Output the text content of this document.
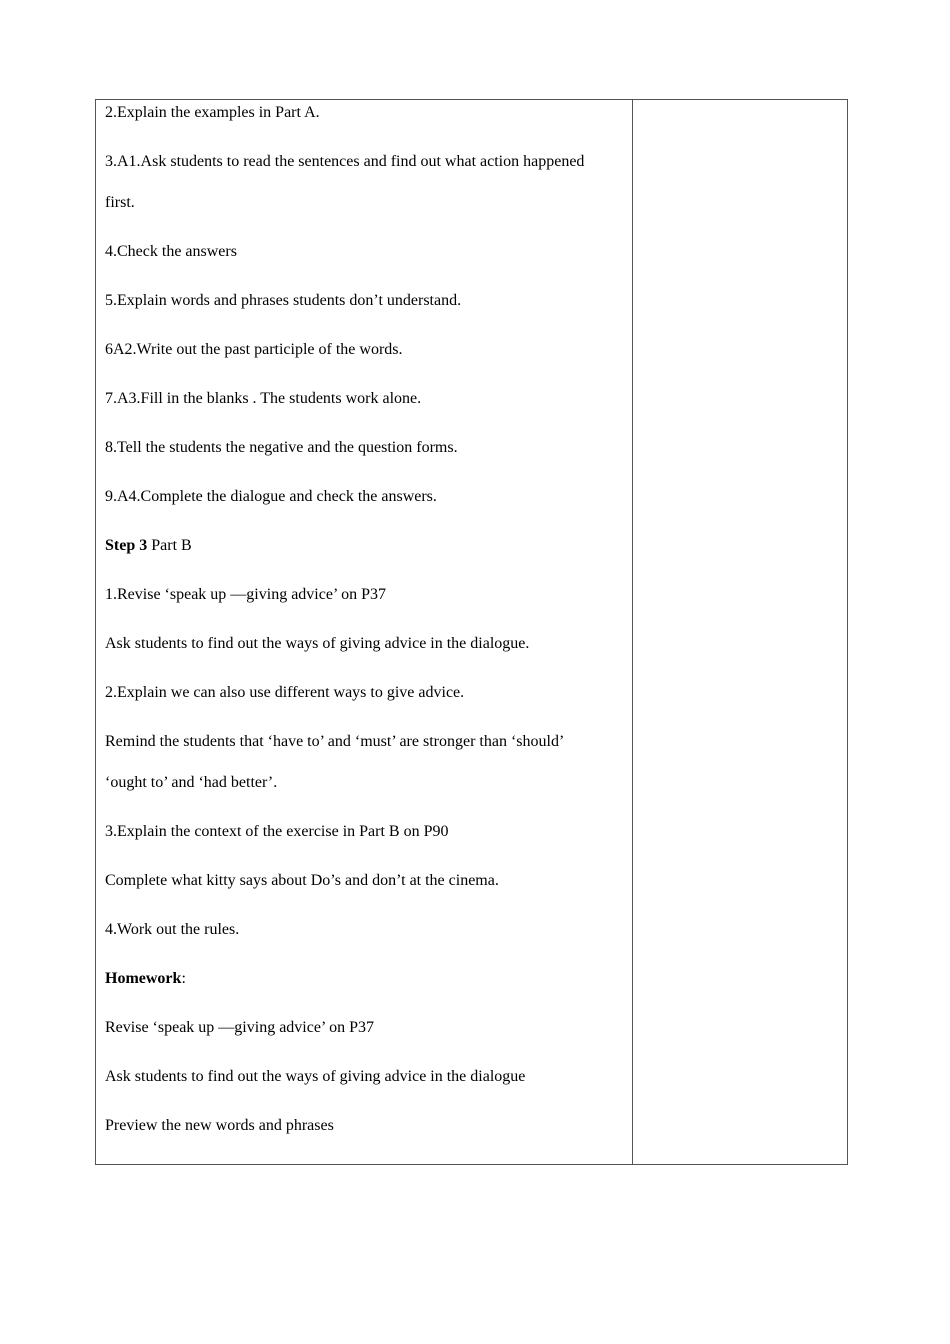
2.Explain the examples in Part A.
3.A1.Ask students to read the sentences and find out what action happened
first.
4.Check the answers
5.Explain words and phrases students don’t understand.
6A2.Write out the past participle of the words.
7.A3.Fill in the blanks . The students work alone.
8.Tell the students the negative and the question forms.
9.A4.Complete the dialogue and check the answers.
Step 3 Part B
1.Revise ‘speak up —giving advice’ on P37
Ask students to find out the ways of giving advice in the dialogue.
2.Explain we can also use different ways to give advice.
Remind the students that ‘have to’ and ‘must’ are stronger than ‘should’
‘ought to’ and ‘had better’.
3.Explain the context of the exercise in Part B on P90
Complete what kitty says about Do’s and don’t at the cinema.
4.Work out the rules.
Homework:
Revise ‘speak up —giving advice’ on P37
Ask students to find out the ways of giving advice in the dialogue
Preview the new words and phrases
